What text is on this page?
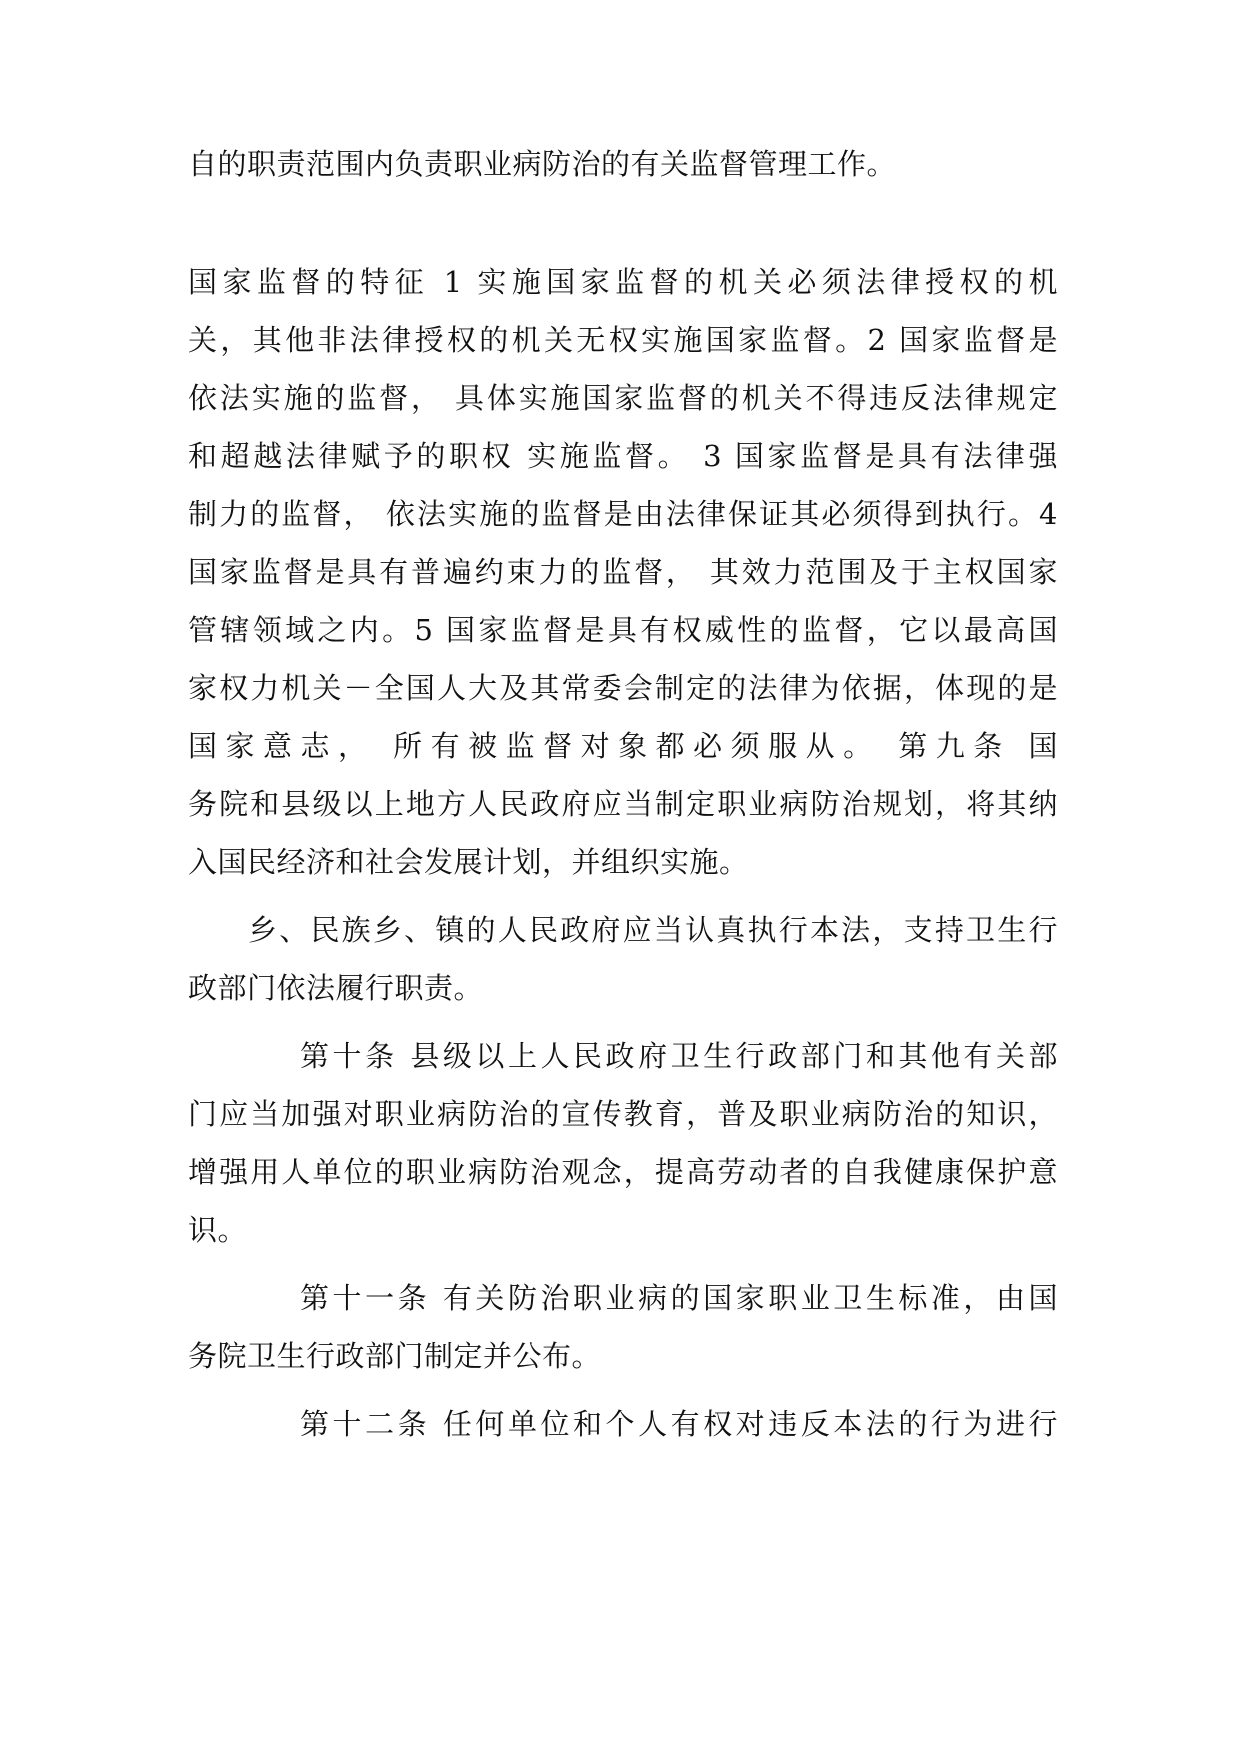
自的职责范围内负责职业病防治的有关监督管理工作。
国家监督的特征 1 实施国家监督的机关必须法律授权的机
关，其他非法律授权的机关无权实施国家监督。2 国家监督是
依法实施的监督， 具体实施国家监督的机关不得违反法律规定
和超越法律赋予的职权 实施监督。 3 国家监督是具有法律强
制力的监督， 依法实施的监督是由法律保证其必须得到执行。4
国家监督是具有普遍约束力的监督， 其效力范围及于主权国家
管辖领域之内。5 国家监督是具有权威性的监督，它以最高国
家权力机关－全国人大及其常委会制定的法律为依据，体现的是
国家意志， 所有被监督对象都必须服从。 第九条 国
务院和县级以上地方人民政府应当制定职业病防治规划，将其纳
入国民经济和社会发展计划，并组织实施。
乡、民族乡、镇的人民政府应当认真执行本法，支持卫生行
政部门依法履行职责。
第十条 县级以上人民政府卫生行政部门和其他有关部
门应当加强对职业病防治的宣传教育，普及职业病防治的知识，
增强用人单位的职业病防治观念，提高劳动者的自我健康保护意
识。
第十一条 有关防治职业病的国家职业卫生标准，由国
务院卫生行政部门制定并公布。
第十二条 任何单位和个人有权对违反本法的行为进行
